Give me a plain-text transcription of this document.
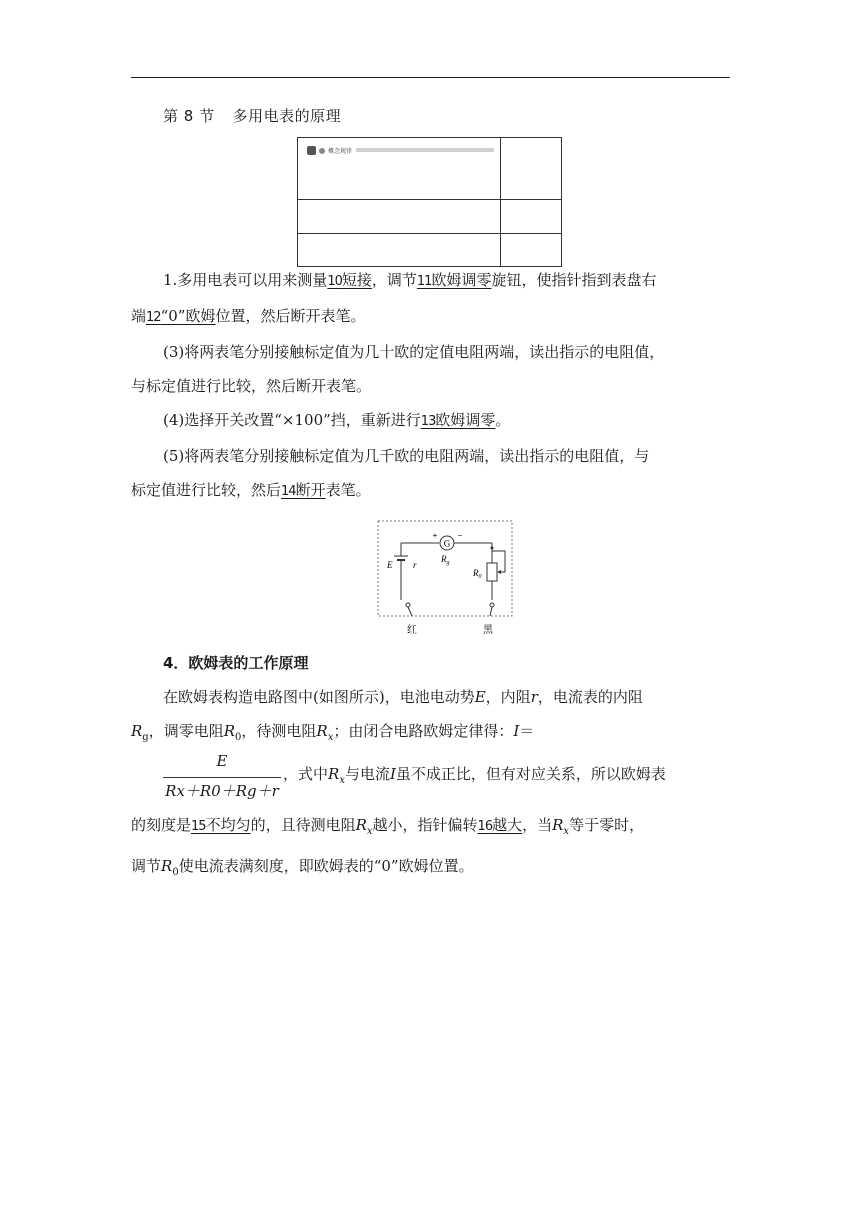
第 8 节 多用电表的原理
概念规律

1.多用电表可以用来测量10短接，调节11欧姆调零旋钮，使指针指到表盘右

端12“0”欧姆位置，然后断开表笔。

(3)将两表笔分别接触标定值为几十欧的定值电阻两端，读出指示的电阻值，

与标定值进行比较，然后断开表笔。

(4)选择开关改置“×100”挡，重新进行13欧姆调零。

(5)将两表笔分别接触标定值为几千欧的电阻两端，读出指示的电阻值，与

标定值进行比较，然后14断开表笔。

G
+	−
$R_g$
E r
$R_0$
红	黑
4．欧姆表的工作原理

在欧姆表构造电路图中(如图所示)，电池电动势E，内阻r，电流表的内阻

$R_g$，调零电阻$R_0$，待测电阻$R_x$；由闭合电路欧姆定律得：I＝

E
Rx＋R0＋Rg＋r
，式中$R_x$与电流I虽不成正比，但有对应关系，所以欧姆表

的刻度是15不均匀的，且待测电阻$R_x$越小，指针偏转16越大，当$R_x$等于零时，

调节$R_0$使电流表满刻度，即欧姆表的“0”欧姆位置。
